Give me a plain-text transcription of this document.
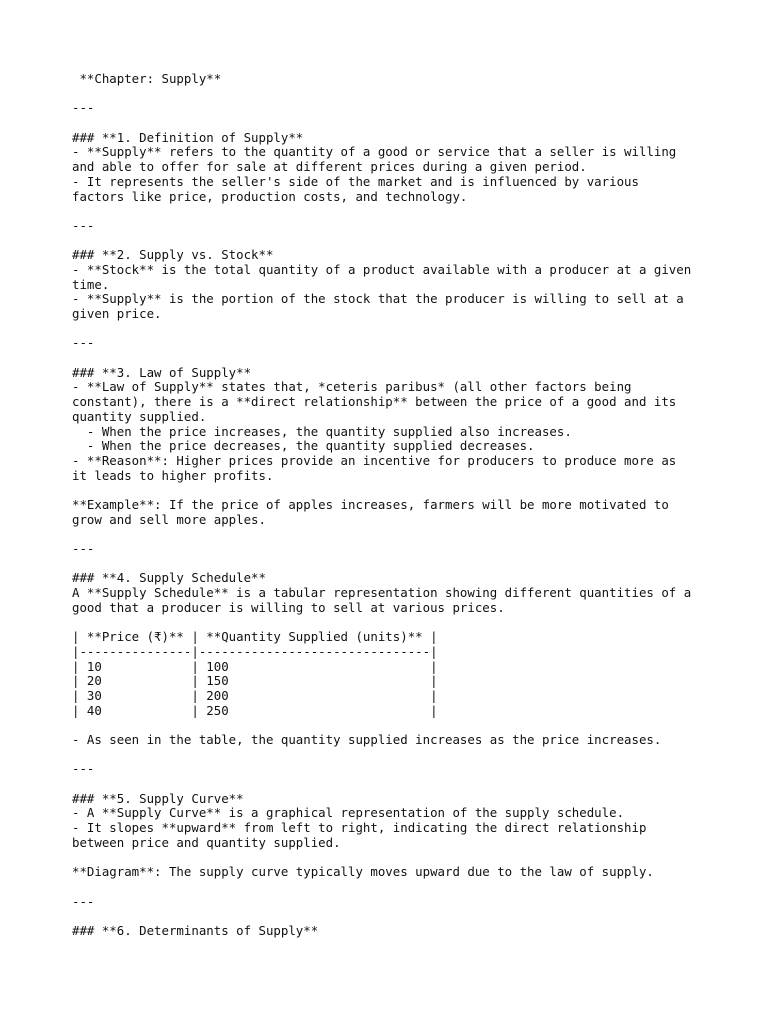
**Chapter: Supply**
---
### **1. Definition of Supply**
- **Supply** refers to the quantity of a good or service that a seller is willing
and able to offer for sale at different prices during a given period.
- It represents the seller's side of the market and is influenced by various
factors like price, production costs, and technology.
---
### **2. Supply vs. Stock**
- **Stock** is the total quantity of a product available with a producer at a given
time.
- **Supply** is the portion of the stock that the producer is willing to sell at a
given price.
---
### **3. Law of Supply**
- **Law of Supply** states that, *ceteris paribus* (all other factors being
constant), there is a **direct relationship** between the price of a good and its
quantity supplied.
- When the price increases, the quantity supplied also increases.
- When the price decreases, the quantity supplied decreases.
- **Reason**: Higher prices provide an incentive for producers to produce more as
it leads to higher profits.
**Example**: If the price of apples increases, farmers will be more motivated to
grow and sell more apples.
---
### **4. Supply Schedule**
A **Supply Schedule** is a tabular representation showing different quantities of a
good that a producer is willing to sell at various prices.
| **Price (₹)** | **Quantity Supplied (units)** |
|---------------|-------------------------------|
| 10            | 100                           |
| 20            | 150                           |
| 30            | 200                           |
| 40            | 250                           |
- As seen in the table, the quantity supplied increases as the price increases.
---
### **5. Supply Curve**
- A **Supply Curve** is a graphical representation of the supply schedule.
- It slopes **upward** from left to right, indicating the direct relationship
between price and quantity supplied.
**Diagram**: The supply curve typically moves upward due to the law of supply.
---
### **6. Determinants of Supply**
